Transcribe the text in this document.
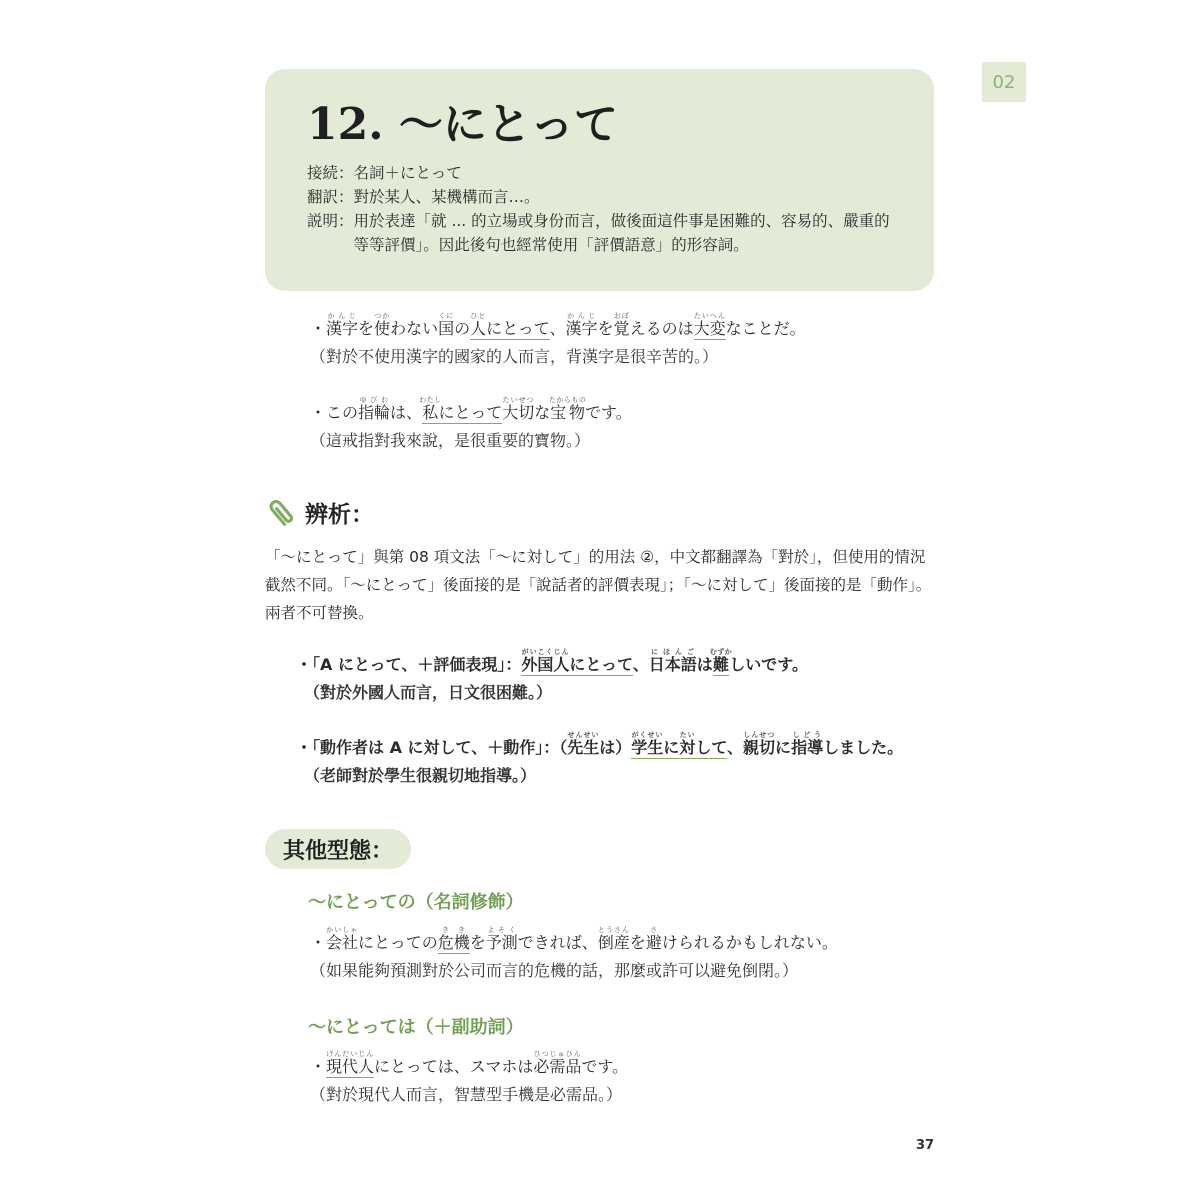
02
12. ～にとって
接続： 名詞＋にとって
翻訳： 對於某人、某機構而言…。
説明： 用於表達「就 ... 的立場或身份而言，做後面這件事是困難的、容易的、嚴重的等等評價」。因此後句也經常使用「評價語意」的形容詞。
・漢字かんじを使つかわない国くにの人ひとにとって、漢字かんじを覚おぼえるのは大変たいへんなことだ。
（對於不使用漢字的國家的人而言，背漢字是很辛苦的。）
・この指輪ゆびわは、私わたしにとって大切たいせつな宝物たからものです。
（這戒指對我來說，是很重要的寶物。）
辨析：
「～にとって」與第 08 項文法「～に対して」的用法 ②，中文都翻譯為「對於」，但使用的情況截然不同。「～にとって」後面接的是「說話者的評價表現」；「～に対して」後面接的是「動作」。兩者不可替換。
・「A にとって、＋評価表現」：外国人がいこくじんにとって、日本語にほんごは難むずかしいです。
（對於外國人而言，日文很困難。）
・「動作者は A に対して、＋動作」：（先生せんせいは）学生がくせいに対たいして、親切しんせつに指導しどうしました。
（老師對於學生很親切地指導。）
其他型態：
～にとっての（名詞修飾）
・会社かいしゃにとっての危機ききを予測よそくできれば、倒産とうさんを避さけられるかもしれない。
（如果能夠預測對於公司而言的危機的話，那麼或許可以避免倒閉。）
～にとっては（＋副助詞）
・現代人げんだいじんにとっては、スマホは必需品ひつじゅひんです。
（對於現代人而言，智慧型手機是必需品。）
37
